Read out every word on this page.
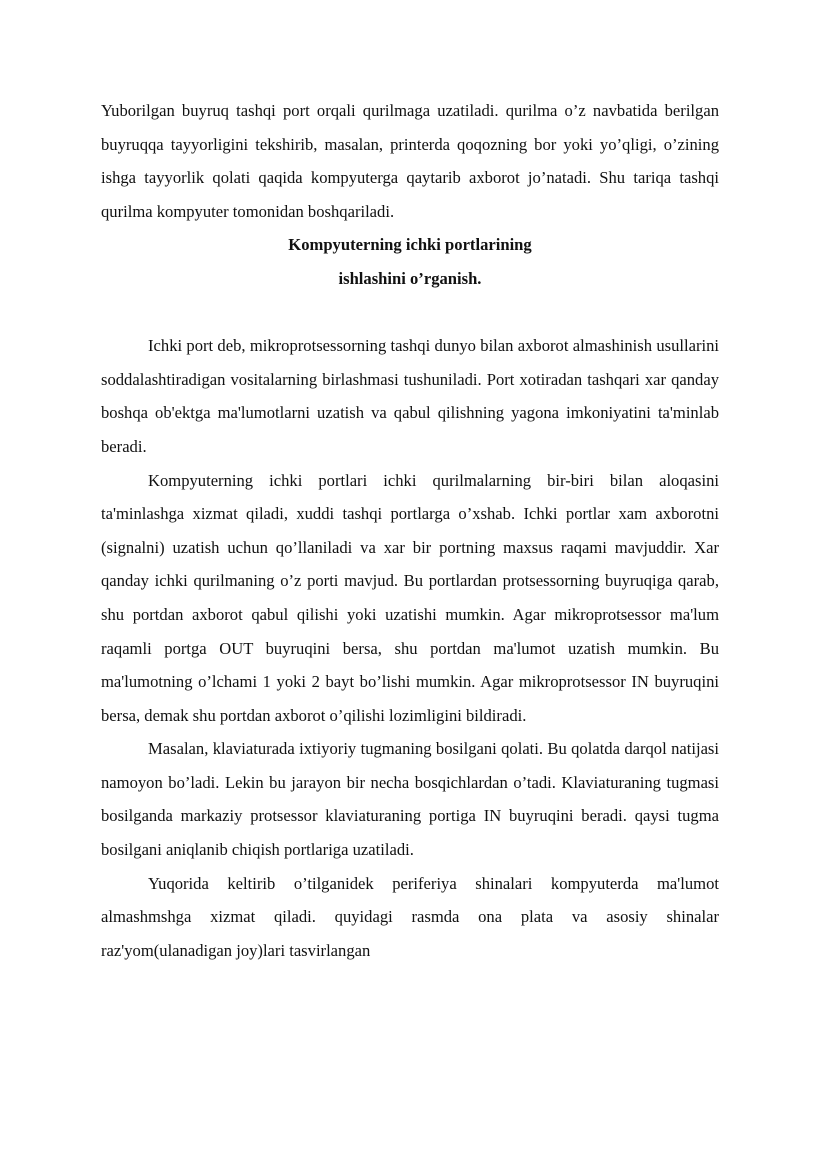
Yuborilgan buyruq tashqi port orqali qurilmaga uzatiladi. qurilma o’z navbatida berilgan buyruqqa tayyorligini tekshirib, masalan, printerda qoqozning bor yoki yo’qligi, o’zining ishga tayyorlik qolati qaqida kompyuterga qaytarib axborot jo’natadi. Shu tariqa tashqi qurilma kompyuter tomonidan boshqariladi.

Kompyuterning ichki portlarining

ishlashini o’rganish.

Ichki port deb, mikroprotsessorning tashqi dunyo bilan axborot almashinish usullarini soddalashtiradigan vositalarning birlashmasi tushuniladi. Port xotiradan tashqari xar qanday boshqa ob'ektga ma'lumotlarni uzatish va qabul qilishning yagona imkoniyatini ta'minlab beradi.

Kompyuterning ichki portlari ichki qurilmalarning bir-biri bilan aloqasini ta'minlashga xizmat qiladi, xuddi tashqi portlarga o’xshab. Ichki portlar xam axborotni (signalni) uzatish uchun qo’llaniladi va xar bir portning maxsus raqami mavjuddir. Xar qanday ichki qurilmaning o’z porti mavjud. Bu portlardan protsessorning buyruqiga qarab, shu portdan axborot qabul qilishi yoki uzatishi mumkin. Agar mikroprotsessor ma'lum raqamli portga OUT buyruqini bersa, shu portdan ma'lumot uzatish mumkin. Bu ma'lumotning o’lchami 1 yoki 2 bayt bo’lishi mumkin. Agar mikroprotsessor IN buyruqini bersa, demak shu portdan axborot o’qilishi lozimligini bildiradi.

Masalan, klaviaturada ixtiyoriy tugmaning bosilgani qolati. Bu qolatda darqol natijasi namoyon bo’ladi. Lekin bu jarayon bir necha bosqichlardan o’tadi. Klaviaturaning tugmasi bosilganda markaziy protsessor klaviaturaning portiga IN buyruqini beradi. qaysi tugma bosilgani aniqlanib chiqish portlariga uzatiladi.

Yuqorida keltirib o’tilganidek periferiya shinalari kompyuterda ma'lumot almashmshga xizmat qiladi. quyidagi rasmda ona plata va asosiy shinalar raz'yom(ulanadigan joy)lari tasvirlangan
